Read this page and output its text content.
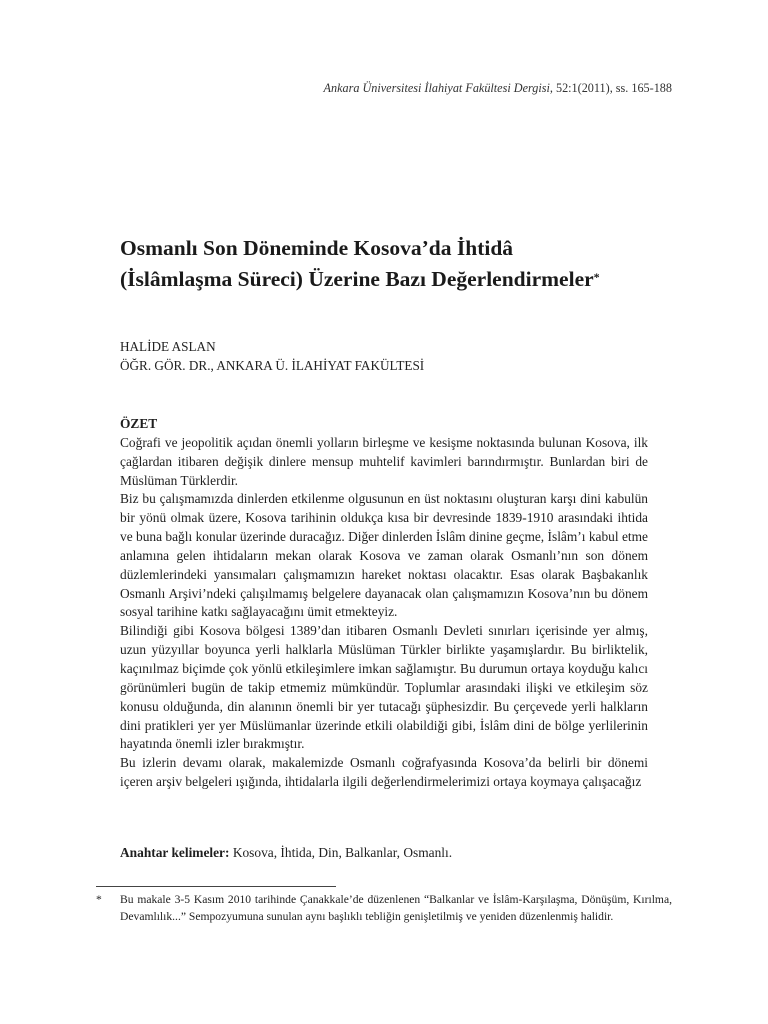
Ankara Üniversitesi İlahiyat Fakültesi Dergisi, 52:1(2011), ss. 165-188
Osmanlı Son Döneminde Kosova’da İhtidâ
(İslâmlaşma Süreci) Üzerine Bazı Değerlendirmeler*
HALİDE ASLAN
ÖĞR. GÖR. DR., ANKARA Ü. İLAHİYAT FAKÜLTESİ
ÖZET

Coğrafi ve jeopolitik açıdan önemli yolların birleşme ve kesişme noktasında bulunan Kosova, ilk çağlardan itibaren değişik dinlere mensup muhtelif kavimleri barındırmıştır. Bunlardan biri de Müslüman Türklerdir.

Biz bu çalışmamızda dinlerden etkilenme olgusunun en üst noktasını oluşturan karşı dini kabulün bir yönü olmak üzere, Kosova tarihinin oldukça kısa bir devresinde 1839-1910 arasındaki ihtida ve buna bağlı konular üzerinde duracağız. Diğer dinlerden İslâm dinine geçme, İslâm’ı kabul etme anlamına gelen ihtidaların mekan olarak Kosova ve zaman olarak Osmanlı’nın son dönem düzlemlerindeki yansımaları çalışmamızın hareket noktası olacaktır. Esas olarak Başbakanlık Osmanlı Arşivi’ndeki çalışılmamış belgelere dayanacak olan çalışmamızın Kosova’nın bu dönem sosyal tarihine katkı sağlayacağını ümit etmekteyiz.

Bilindiği gibi Kosova bölgesi 1389’dan itibaren Osmanlı Devleti sınırları içerisinde yer almış, uzun yüzyıllar boyunca yerli halklarla Müslüman Türkler birlikte yaşamışlardır. Bu birliktelik, kaçınılmaz biçimde çok yönlü etkileşimlere imkan sağlamıştır. Bu durumun ortaya koyduğu kalıcı görünümleri bugün de takip etmemiz mümkündür. Toplumlar arasındaki ilişki ve etkileşim söz konusu olduğunda, din alanının önemli bir yer tutacağı şüphesizdir. Bu çerçevede yerli halkların dini pratikleri yer yer Müslümanlar üzerinde etkili olabildiği gibi, İslâm dini de bölge yerlilerinin hayatında önemli izler bırakmıştır.

Bu izlerin devamı olarak, makalemizde Osmanlı coğrafyasında Kosova’da belirli bir dönemi içeren arşiv belgeleri ışığında, ihtidalarla ilgili değerlendirmelerimizi ortaya koymaya çalışacağız

Anahtar kelimeler: Kosova, İhtida, Din, Balkanlar, Osmanlı.
*	Bu makale 3-5 Kasım 2010 tarihinde Çanakkale’de düzenlenen “Balkanlar ve İslâm-Karşılaşma, Dönüşüm, Kırılma, Devamlılık...” Sempozyumuna sunulan aynı başlıklı tebliğin genişletilmiş ve yeniden düzenlenmiş halidir.
